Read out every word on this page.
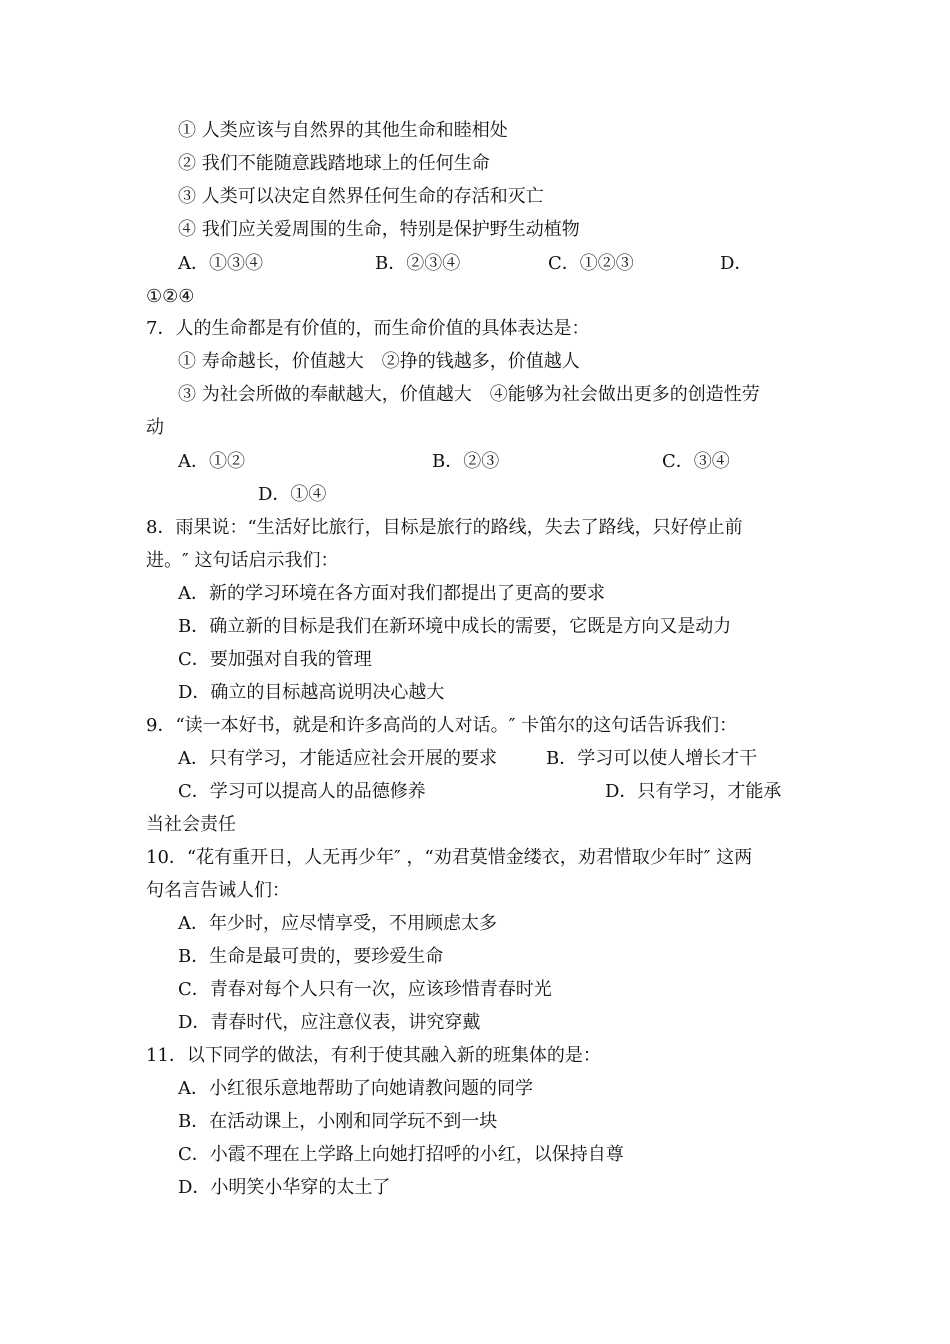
① 人类应该与自然界的其他生命和睦相处
② 我们不能随意践踏地球上的任何生命
③ 人类可以决定自然界任何生命的存活和灭亡
④ 我们应关爱周围的生命，特别是保护野生动植物
A．①③④	B．②③④	C．①②③	D．
①②④
7．人的生命都是有价值的，而生命价值的具体表达是：
① 寿命越长，价值越大　②挣的钱越多，价值越人
③ 为社会所做的奉献越大，价值越大　④能够为社会做出更多的创造性劳
动
A．①②	B．②③	C．③④
D．①④
8．雨果说：“生活好比旅行，目标是旅行的路线，失去了路线，只好停止前
进。″ 这句话启示我们：
A．新的学习环境在各方面对我们都提出了更高的要求
B．确立新的目标是我们在新环境中成长的需要，它既是方向又是动力
C．要加强对自我的管理
D．确立的目标越高说明决心越大
9．“读一本好书，就是和许多高尚的人对话。″ 卡笛尔的这句话告诉我们：
A．只有学习，才能适应社会开展的要求	B．学习可以使人增长才干
C．学习可以提高人的品德修养	D．只有学习，才能承
当社会责任
10．“花有重开日，人无再少年″ ，“劝君莫惜金缕衣，劝君惜取少年时″ 这两
句名言告诫人们：
A．年少时，应尽情享受，不用顾虑太多
B．生命是最可贵的，要珍爱生命
C．青春对每个人只有一次，应该珍惜青春时光
D．青春时代，应注意仪表，讲究穿戴
11．以下同学的做法，有利于使其融入新的班集体的是：
A．小红很乐意地帮助了向她请教问题的同学
B．在活动课上，小刚和同学玩不到一块
C．小霞不理在上学路上向她打招呼的小红，以保持自尊
D．小明笑小华穿的太土了
